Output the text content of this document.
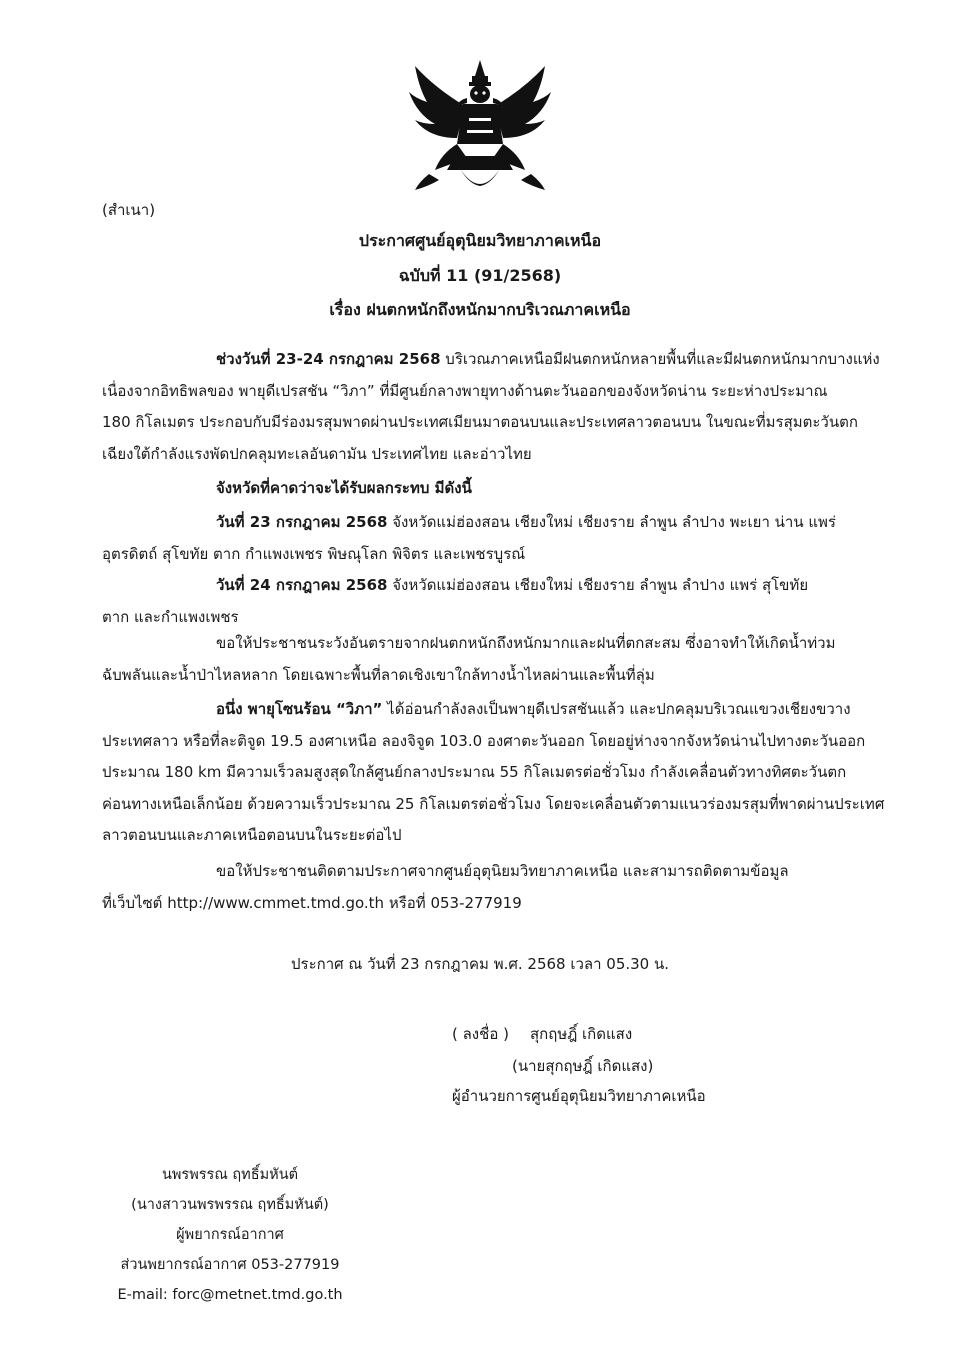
(สำเนา)
ประกาศศูนย์อุตุนิยมวิทยาภาคเหนือ
ฉบับที่ 11 (91/2568)
เรื่อง ฝนตกหนักถึงหนักมากบริเวณภาคเหนือ
ช่วงวันที่ 23-24 กรกฎาคม 2568 บริเวณภาคเหนือมีฝนตกหนักหลายพื้นที่และมีฝนตกหนักมากบางแห่ง
เนื่องจากอิทธิพลของ พายุดีเปรสชัน “วิภา” ที่มีศูนย์กลางพายุทางด้านตะวันออกของจังหวัดน่าน ระยะห่างประมาณ
180 กิโลเมตร ประกอบกับมีร่องมรสุมพาดผ่านประเทศเมียนมาตอนบนและประเทศลาวตอนบน ในขณะที่มรสุมตะวันตก
เฉียงใต้กำลังแรงพัดปกคลุมทะเลอันดามัน ประเทศไทย และอ่าวไทย
จังหวัดที่คาดว่าจะได้รับผลกระทบ มีดังนี้
วันที่ 23 กรกฎาคม 2568 จังหวัดแม่ฮ่องสอน เชียงใหม่ เชียงราย ลำพูน ลำปาง พะเยา น่าน แพร่
อุตรดิตถ์ สุโขทัย ตาก กำแพงเพชร พิษณุโลก พิจิตร และเพชรบูรณ์
วันที่ 24 กรกฎาคม 2568 จังหวัดแม่ฮ่องสอน เชียงใหม่ เชียงราย ลำพูน ลำปาง แพร่ สุโขทัย
ตาก และกำแพงเพชร
ขอให้ประชาชนระวังอันตรายจากฝนตกหนักถึงหนักมากและฝนที่ตกสะสม ซึ่งอาจทำให้เกิดน้ำท่วม
ฉับพลันและน้ำป่าไหลหลาก โดยเฉพาะพื้นที่ลาดเชิงเขาใกล้ทางน้ำไหลผ่านและพื้นที่ลุ่ม
อนึ่ง พายุโซนร้อน “วิภา” ได้อ่อนกำลังลงเป็นพายุดีเปรสชันแล้ว และปกคลุมบริเวณแขวงเชียงขวาง
ประเทศลาว หรือที่ละติจูด 19.5 องศาเหนือ ลองจิจูด 103.0 องศาตะวันออก โดยอยู่ห่างจากจังหวัดน่านไปทางตะวันออก
ประมาณ 180 km มีความเร็วลมสูงสุดใกล้ศูนย์กลางประมาณ 55 กิโลเมตรต่อชั่วโมง กำลังเคลื่อนตัวทางทิศตะวันตก
ค่อนทางเหนือเล็กน้อย ด้วยความเร็วประมาณ 25 กิโลเมตรต่อชั่วโมง โดยจะเคลื่อนตัวตามแนวร่องมรสุมที่พาดผ่านประเทศ
ลาวตอนบนและภาคเหนือตอนบนในระยะต่อไป
ขอให้ประชาชนติดตามประกาศจากศูนย์อุตุนิยมวิทยาภาคเหนือ และสามารถติดตามข้อมูล
ที่เว็บไซต์ http://www.cmmet.tmd.go.th หรือที่ 053-277919
ประกาศ ณ วันที่ 23 กรกฎาคม พ.ศ. 2568 เวลา 05.30 น.
( ลงชื่อ ) สุกฤษฎิ์ เกิดแสง
(นายสุกฤษฎิ์ เกิดแสง)
ผู้อำนวยการศูนย์อุตุนิยมวิทยาภาคเหนือ
นพรพรรณ ฤทธิ์มหันต์
(นางสาวนพรพรรณ ฤทธิ์มหันต์)
ผู้พยากรณ์อากาศ
ส่วนพยากรณ์อากาศ 053-277919
E-mail: forc@metnet.tmd.go.th
